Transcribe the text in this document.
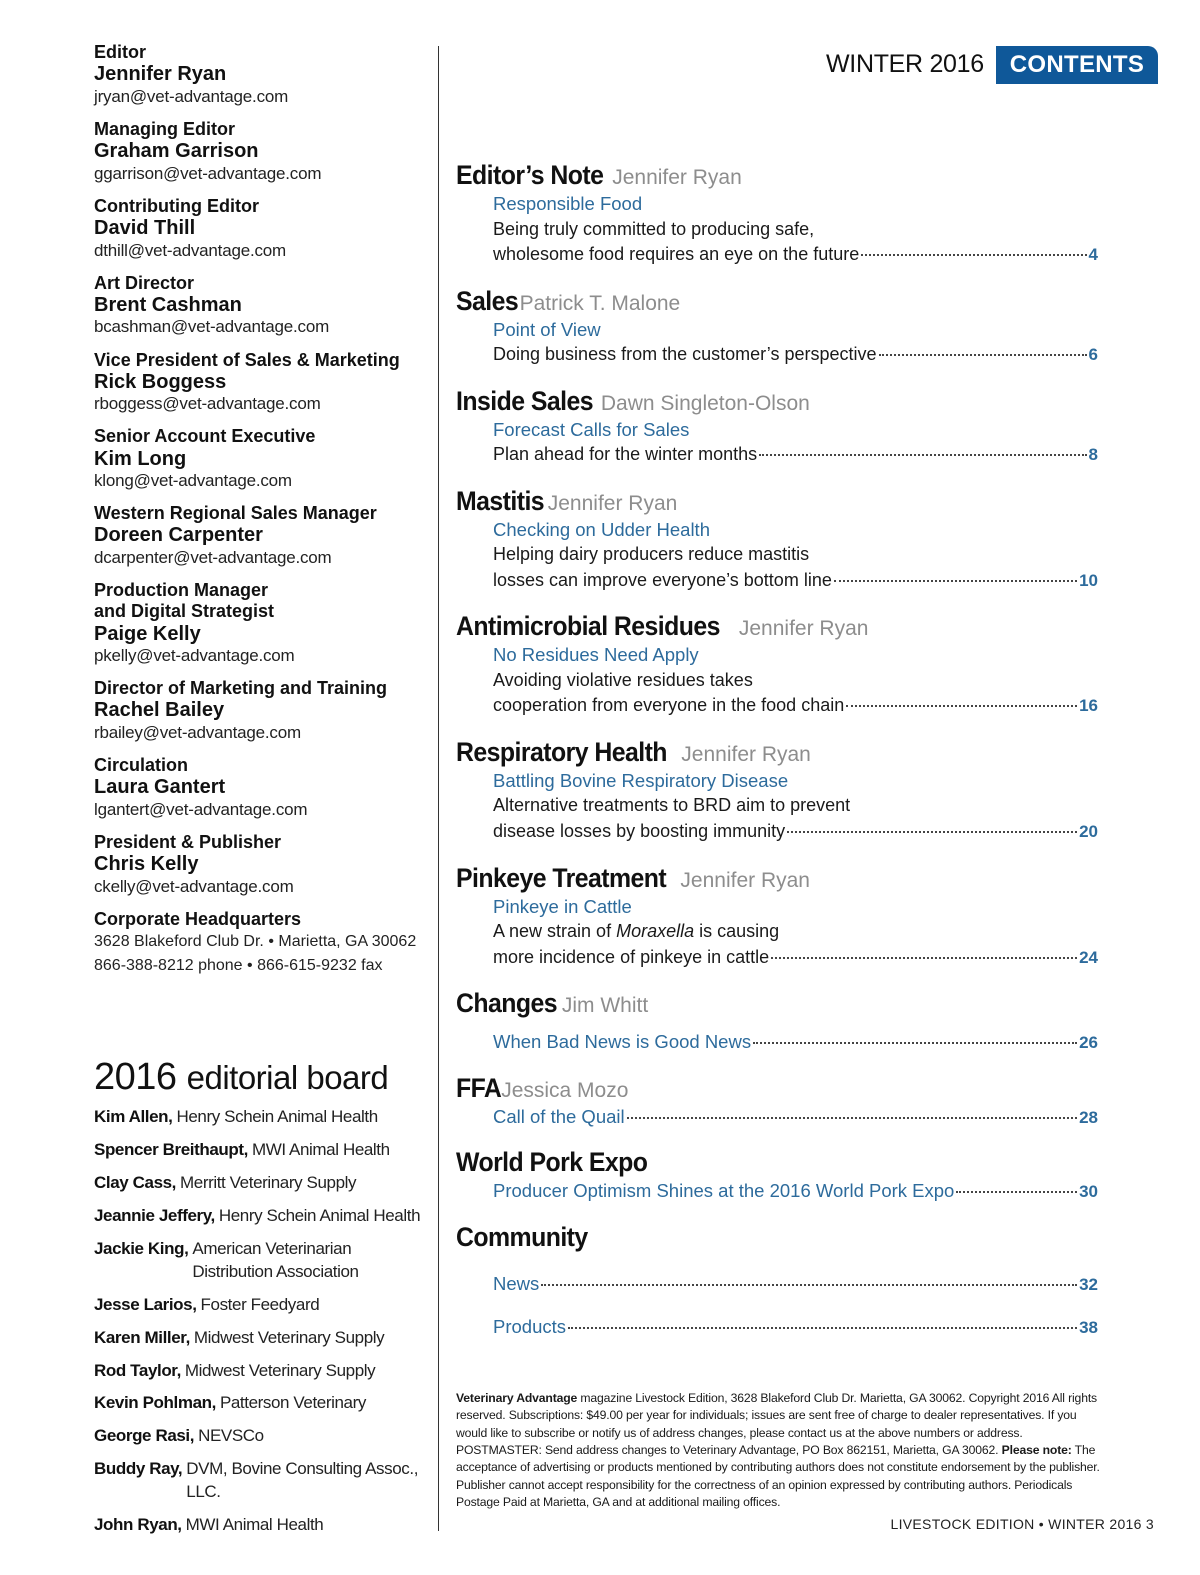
Editor
Jennifer Ryan
jryan@vet-advantage.com
Managing Editor
Graham Garrison
ggarrison@vet-advantage.com
Contributing Editor
David Thill
dthill@vet-advantage.com
Art Director
Brent Cashman
bcashman@vet-advantage.com
Vice President of Sales & Marketing
Rick Boggess
rboggess@vet-advantage.com
Senior Account Executive
Kim Long
klong@vet-advantage.com
Western Regional Sales Manager
Doreen Carpenter
dcarpenter@vet-advantage.com
Production Manager
and Digital Strategist
Paige Kelly
pkelly@vet-advantage.com
Director of Marketing and Training
Rachel Bailey
rbailey@vet-advantage.com
Circulation
Laura Gantert
lgantert@vet-advantage.com
President & Publisher
Chris Kelly
ckelly@vet-advantage.com
Corporate Headquarters
3628 Blakeford Club Dr. • Marietta, GA 30062
866-388-8212 phone • 866-615-9232 fax
2016 editorial board
Kim Allen, Henry Schein Animal Health
Spencer Breithaupt, MWI Animal Health
Clay Cass, Merritt Veterinary Supply
Jeannie Jeffery, Henry Schein Animal Health
Jackie King, American Veterinarian Distribution Association
Jesse Larios, Foster Feedyard
Karen Miller, Midwest Veterinary Supply
Rod Taylor, Midwest Veterinary Supply
Kevin Pohlman, Patterson Veterinary
George Rasi, NEVSCo
Buddy Ray, DVM, Bovine Consulting Assoc., LLC.
John Ryan, MWI Animal Health
WINTER 2016	CONTENTS
Editor’s Note Jennifer Ryan
Responsible Food
Being truly committed to producing safe,
wholesome food requires an eye on the future	4
Sales Patrick T. Malone
Point of View
Doing business from the customer’s perspective	6
Inside Sales Dawn Singleton-Olson
Forecast Calls for Sales
Plan ahead for the winter months	8
Mastitis Jennifer Ryan
Checking on Udder Health
Helping dairy producers reduce mastitis
losses can improve everyone’s bottom line	10
Antimicrobial Residues Jennifer Ryan
No Residues Need Apply
Avoiding violative residues takes
cooperation from everyone in the food chain	16
Respiratory Health Jennifer Ryan
Battling Bovine Respiratory Disease
Alternative treatments to BRD aim to prevent
disease losses by boosting immunity	20
Pinkeye Treatment Jennifer Ryan
Pinkeye in Cattle
A new strain of Moraxella is causing
more incidence of pinkeye in cattle	24
Changes Jim Whitt
When Bad News is Good News	26
FFA Jessica Mozo
Call of the Quail	28
World Pork Expo
Producer Optimism Shines at the 2016 World Pork Expo	30
Community
News	32
Products	38
Veterinary Advantage magazine Livestock Edition, 3628 Blakeford Club Dr. Marietta, GA 30062. Copyright 2016 All rights reserved. Subscriptions: $49.00 per year for individuals; issues are sent free of charge to dealer representatives. If you would like to subscribe or notify us of address changes, please contact us at the above numbers or address. POSTMASTER: Send address changes to Veterinary Advantage, PO Box 862151, Marietta, GA 30062. Please note: The acceptance of advertising or products mentioned by contributing authors does not constitute endorsement by the publisher. Publisher cannot accept responsibility for the correctness of an opinion expressed by contributing authors. Periodicals Postage Paid at Marietta, GA and at additional mailing offices.
LIVESTOCK EDITION • WINTER 2016 3
